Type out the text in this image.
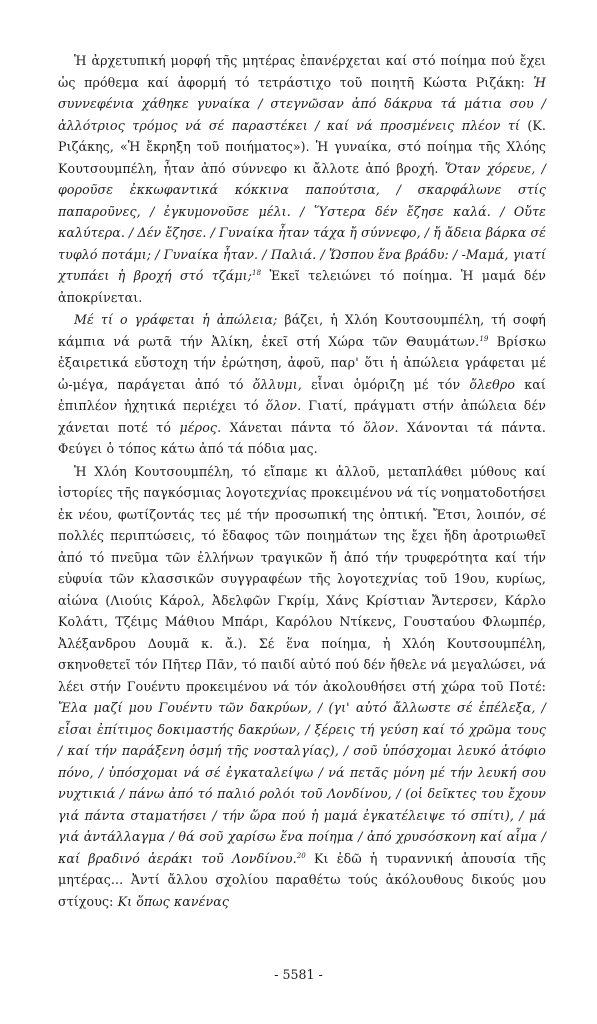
Ἡ ἀρχετυπική μορφή τῆς μητέρας ἐπανέρχεται καί στό ποίημα πού ἔχει ὡς πρόθεμα καί ἀφορμή τό τετράστιχο τοῦ ποιητῆ Κώστα Ριζάκη: Ἡ συννεφένια χάθηκε γυναίκα / στεγνῶσαν ἀπό δάκρυα τά μάτια σου / ἀλλότριος τρόμος νά σέ παραστέκει / καί νά προσμένεις πλέον τί (Κ. Ριζάκης, «Ἡ ἔκρηξη τοῦ ποιήματος»). Ἡ γυναίκα, στό ποίημα τῆς Χλόης Κουτσουμπέλη, ἦταν ἀπό σύννεφο κι ἄλλοτε ἀπό βροχή. Ὅταν χόρευε, / φοροῦσε ἐκκωφαντικά κόκκινα παπούτσια, / σκαρφάλωνε στίς παπαροῦνες, / ἐγκυμονοῦσε μέλι. / Ὕστερα δέν ἔζησε καλά. / Οὔτε καλύτερα. / Δέν ἔζησε. / Γυναίκα ἦταν τάχα ἤ σύννεφο, / ἤ ἄδεια βάρκα σέ τυφλό ποτάμι; / Γυναίκα ἦταν. / Παλιά. / Ὥσπου ἕνα βράδυ: / -Μαμά, γιατί χτυπάει ἡ βροχή στό τζάμι;$^{18}$ Ἐκεῖ τελειώνει τό ποίημα. Ἡ μαμά δέν ἀποκρίνεται.

Μέ τί ο γράφεται ἡ ἀπώλεια; βάζει, ἡ Χλόη Κουτσουμπέλη, τή σοφή κάμπια νά ρωτᾶ τήν Ἀλίκη, ἐκεῖ στή Χώρα τῶν Θαυμάτων.$^{19}$ Βρίσκω ἐξαιρετικά εὔστοχη τήν ἐρώτηση, ἀφοῦ, παρ' ὅτι ἡ ἀπώλεια γράφεται μέ ὠ-μέγα, παράγεται ἀπό τό ὄλλυμι, εἶναι ὁμόριζη μέ τόν ὄλεθρο καί ἐπιπλέον ἠχητικά περιέχει τό ὅλον. Γιατί, πράγματι στήν ἀπώλεια δέν χάνεται ποτέ τό μέρος. Χάνεται πάντα τό ὅλον. Χάνονται τά πάντα. Φεύγει ὁ τόπος κάτω ἀπό τά πόδια μας.

Ἡ Χλόη Κουτσουμπέλη, τό εἴπαμε κι ἀλλοῦ, μεταπλάθει μύθους καί ἱστορίες τῆς παγκόσμιας λογοτεχνίας προκειμένου νά τίς νοηματοδοτήσει ἐκ νέου, φωτίζοντάς τες μέ τήν προσωπική της ὀπτική. Ἔτσι, λοιπόν, σέ πολλές περιπτώσεις, τό ἔδαφος τῶν ποιημάτων της ἔχει ἤδη ἀροτριωθεῖ ἀπό τό πνεῦμα τῶν ἐλλήνων τραγικῶν ἤ ἀπό τήν τρυφερότητα καί τήν εὐφυία τῶν κλασσικῶν συγγραφέων τῆς λογοτεχνίας τοῦ 19ου, κυρίως, αἰώνα (Λιούις Κάρολ, Ἀδελφῶν Γκρίμ, Χάνς Κρίστιαν Ἄντερσεν, Κάρλο Κολάτι, Τζέιμς Μάθιου Μπάρι, Καρόλου Ντίκενς, Γουσταύου Φλωμπέρ, Ἀλέξανδρου Δουμᾶ κ. ἄ.). Σέ ἕνα ποίημα, ἡ Χλόη Κουτσουμπέλη, σκηνοθετεῖ τόν Πῆτερ Πᾶν, τό παιδί αὐτό πού δέν ἤθελε νά μεγαλώσει, νά λέει στήν Γουέντυ προκειμένου νά τόν ἀκολουθήσει στή χώρα τοῦ Ποτέ: Ἔλα μαζί μου Γουέντυ τῶν δακρύων, / (γι' αὐτό ἄλλωστε σέ ἐπέλεξα, / εἶσαι ἐπίτιμος δοκιμαστής δακρύων, / ξέρεις τή γεύση καί τό χρῶμα τους / καί τήν παράξενη ὀσμή τῆς νοσταλγίας), / σοῦ ὑπόσχομαι λευκό ἀτόφιο πόνο, / ὑπόσχομαι νά σέ ἐγκαταλείψω / νά πετᾶς μόνη μέ τήν λευκή σου νυχτικιά / πάνω ἀπό τό παλιό ρολόι τοῦ Λονδίνου, / (οἱ δεῖκτες του ἔχουν γιά πάντα σταματήσει / τήν ὥρα πού ἡ μαμά ἐγκατέλειψε τό σπίτι), / μά γιά ἀντάλλαγμα / θά σοῦ χαρίσω ἕνα ποίημα / ἀπό χρυσόσκονη καί αἷμα / καί βραδινό ἀεράκι τοῦ Λονδίνου.$^{20}$ Κι ἐδῶ ἡ τυραννική ἀπουσία τῆς μητέρας... Ἀντί ἄλλου σχολίου παραθέτω τούς ἀκόλουθους δικούς μου στίχους: Κι ὅπως κανένας

- 5581 -
